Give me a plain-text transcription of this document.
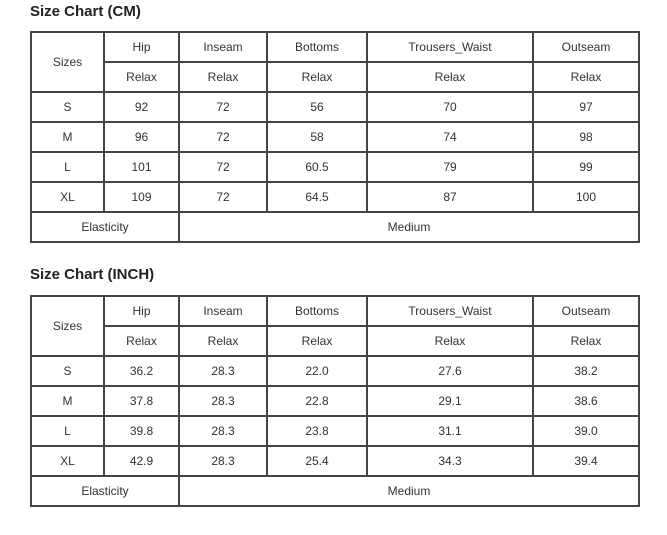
Size Chart (CM)
Sizes	Hip	Inseam	Bottoms	Trousers_Waist	Outseam
	Relax	Relax	Relax	Relax	Relax
S	92	72	56	70	97
M	96	72	58	74	98
L	101	72	60.5	79	99
XL	109	72	64.5	87	100
Elasticity		Medium			
Size Chart (INCH)
Sizes	Hip	Inseam	Bottoms	Trousers_Waist	Outseam
	Relax	Relax	Relax	Relax	Relax
S	36.2	28.3	22.0	27.6	38.2
M	37.8	28.3	22.8	29.1	38.6
L	39.8	28.3	23.8	31.1	39.0
XL	42.9	28.3	25.4	34.3	39.4
Elasticity		Medium			
